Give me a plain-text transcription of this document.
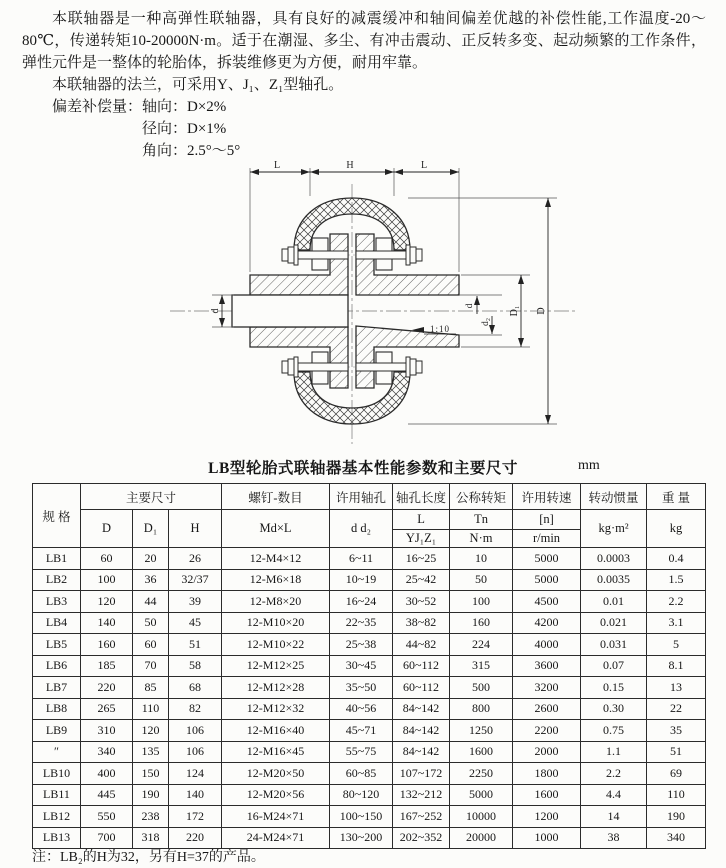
本联轴器是一种高弹性联轴器，具有良好的减震缓冲和轴间偏差优越的补偿性能,工作温度-20～80℃，传递转矩10-20000N·m。适于在潮湿、多尘、有冲击震动、正反转多变、起动频繁的工作条件，弹性元件是一整体的轮胎体，拆装维修更为方便，耐用牢靠。

本联轴器的法兰，可采用Y、J₁、Z₁型轴孔。

偏差补偿量：轴向：D×2%
径向：D×1%
角向：2.5°～5°
L	H	L
d
d
d₂
1:10
D₁ D
LB型轮胎式联轴器基本性能参数和主要尺寸	mm
规 格	主要尺寸			螺钉-数目	许用轴孔	轴孔长度	公称转矩	许用转速	转动惯量	重 量
	D	D₁	H	Md×L	d d₂	L	Tn	[n]	kg·m²	kg
						YJ₁Z₁	N·m	r/min		
LB1	60	20	26	12-M4×12	6~11	16~25	10	5000	0.0003	0.4
LB2	100	36	32/37	12-M6×18	10~19	25~42	50	5000	0.0035	1.5
LB3	120	44	39	12-M8×20	16~24	30~52	100	4500	0.01	2.2
LB4	140	50	45	12-M10×20	22~35	38~82	160	4200	0.021	3.1
LB5	160	60	51	12-M10×22	25~38	44~82	224	4000	0.031	5
LB6	185	70	58	12-M12×25	30~45	60~112	315	3600	0.07	8.1
LB7	220	85	68	12-M12×28	35~50	60~112	500	3200	0.15	13
LB8	265	110	82	12-M12×32	40~56	84~142	800	2600	0.30	22
LB9	310	120	106	12-M16×40	45~71	84~142	1250	2200	0.75	35
″	340	135	106	12-M16×45	55~75	84~142	1600	2000	1.1	51
LB10	400	150	124	12-M20×50	60~85	107~172	2250	1800	2.2	69
LB11	445	190	140	12-M20×56	80~120	132~212	5000	1600	4.4	110
LB12	550	238	172	16-M24×71	100~150	167~252	10000	1200	14	190
LB13	700	318	220	24-M24×71	130~200	202~352	20000	1000	38	340

注：LB₂的H为32，另有H=37的产品。
